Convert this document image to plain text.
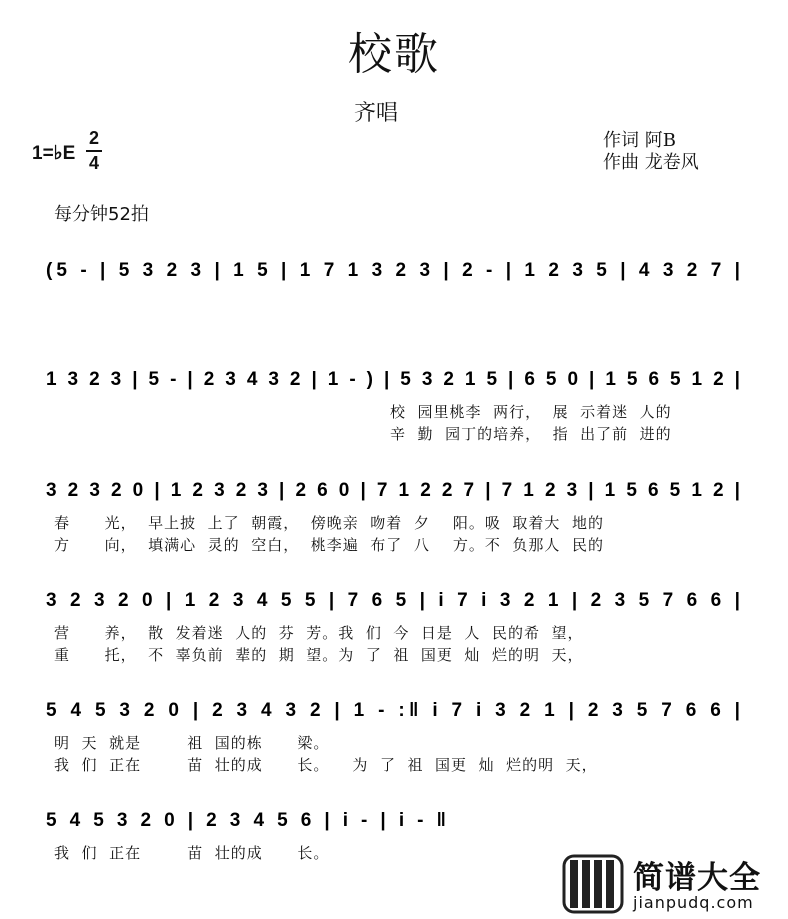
校歌
齐唱
1=♭E
2
4
作词 阿B
作曲 龙卷风
每分钟52拍
(5 - | 5 3 2 3 | 1 5 | 1 7 1 3 2 3 | 2 - | 1 2 3 5 | 4 3 2 7 |
1 3 2 3 | 5 - | 2 3 4 3 2 | 1 - ) | 5 3 2 1 5 | 6 5 0 | 1 5 6 5 1 2 |
校  园里桃李  两行，  展  示着迷  人的
辛  勤  园丁的培养，  指  出了前  进的
3 2 3 2 0 | 1 2 3 2 3 | 2 6 0 | 7 1 2 2 7 | 7 1 2 3 | 1 5 6 5 1 2 |
春      光，  早上披  上了  朝霞，  傍晚亲  吻着  夕    阳。吸  取着大  地的
方      向，  填满心  灵的  空白，  桃李遍  布了  八    方。不  负那人  民的
3 2 3 2 0 | 1 2 3 4 5 5 | 7 6 5 | i 7 i 3 2 1 | 2 3 5 7 6 6 |
营      养，  散  发着迷  人的  芬  芳。我  们  今  日是  人  民的希  望，
重      托，  不  辜负前  辈的  期  望。为  了  祖  国更  灿  烂的明  天，
5 4 5 3 2 0 | 2 3 4 3 2 | 1 - :‖ i 7 i 3 2 1 | 2 3 5 7 6 6 |
明  天  就是        祖  国的栋      梁。
我  们  正在        苗  壮的成      长。    为  了  祖  国更  灿  烂的明  天，
5 4 5 3 2 0 | 2 3 4 5 6 | i - | i - ‖
我  们  正在        苗  壮的成      长。
简谱大全
jianpudq.com
